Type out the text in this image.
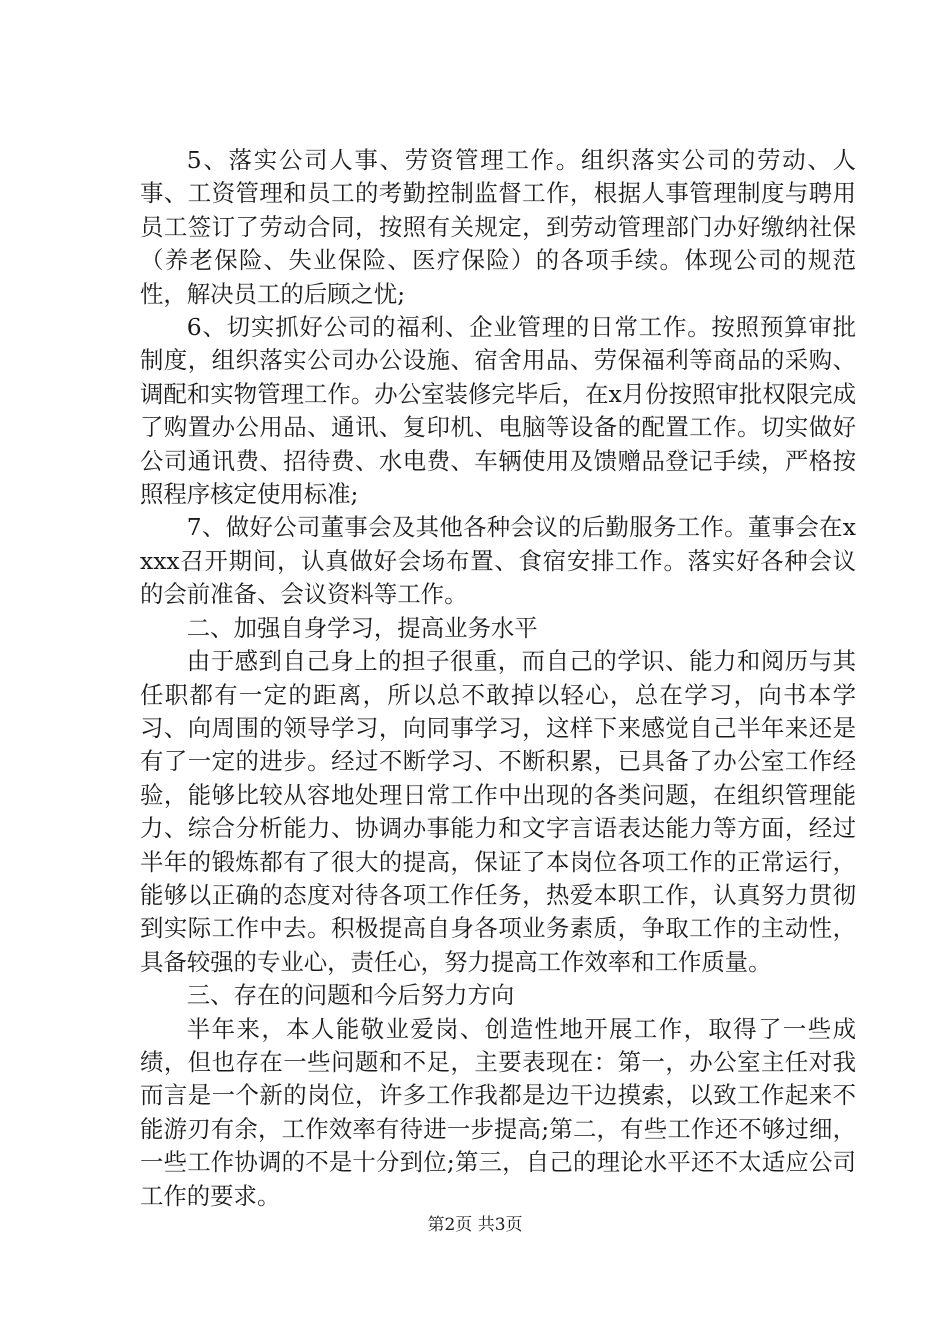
5、落实公司人事、劳资管理工作。组织落实公司的劳动、人事、工资管理和员工的考勤控制监督工作，根据人事管理制度与聘用员工签订了劳动合同，按照有关规定，到劳动管理部门办好缴纳社保（养老保险、失业保险、医疗保险）的各项手续。体现公司的规范性，解决员工的后顾之忧;

6、切实抓好公司的福利、企业管理的日常工作。按照预算审批制度，组织落实公司办公设施、宿舍用品、劳保福利等商品的采购、调配和实物管理工作。办公室装修完毕后，在x月份按照审批权限完成了购置办公用品、通讯、复印机、电脑等设备的配置工作。切实做好公司通讯费、招待费、水电费、车辆使用及馈赠品登记手续，严格按照程序核定使用标准;

7、做好公司董事会及其他各种会议的后勤服务工作。董事会在xxxx召开期间，认真做好会场布置、食宿安排工作。落实好各种会议的会前准备、会议资料等工作。

二、加强自身学习，提高业务水平

由于感到自己身上的担子很重，而自己的学识、能力和阅历与其任职都有一定的距离，所以总不敢掉以轻心，总在学习，向书本学习、向周围的领导学习，向同事学习，这样下来感觉自己半年来还是有了一定的进步。经过不断学习、不断积累，已具备了办公室工作经验，能够比较从容地处理日常工作中出现的各类问题，在组织管理能力、综合分析能力、协调办事能力和文字言语表达能力等方面，经过半年的锻炼都有了很大的提高，保证了本岗位各项工作的正常运行，能够以正确的态度对待各项工作任务，热爱本职工作，认真努力贯彻到实际工作中去。积极提高自身各项业务素质，争取工作的主动性，具备较强的专业心，责任心，努力提高工作效率和工作质量。

三、存在的问题和今后努力方向

半年来，本人能敬业爱岗、创造性地开展工作，取得了一些成绩，但也存在一些问题和不足，主要表现在：第一，办公室主任对我而言是一个新的岗位，许多工作我都是边干边摸索，以致工作起来不能游刃有余，工作效率有待进一步提高;第二，有些工作还不够过细，一些工作协调的不是十分到位;第三，自己的理论水平还不太适应公司工作的要求。

第2页 共3页
